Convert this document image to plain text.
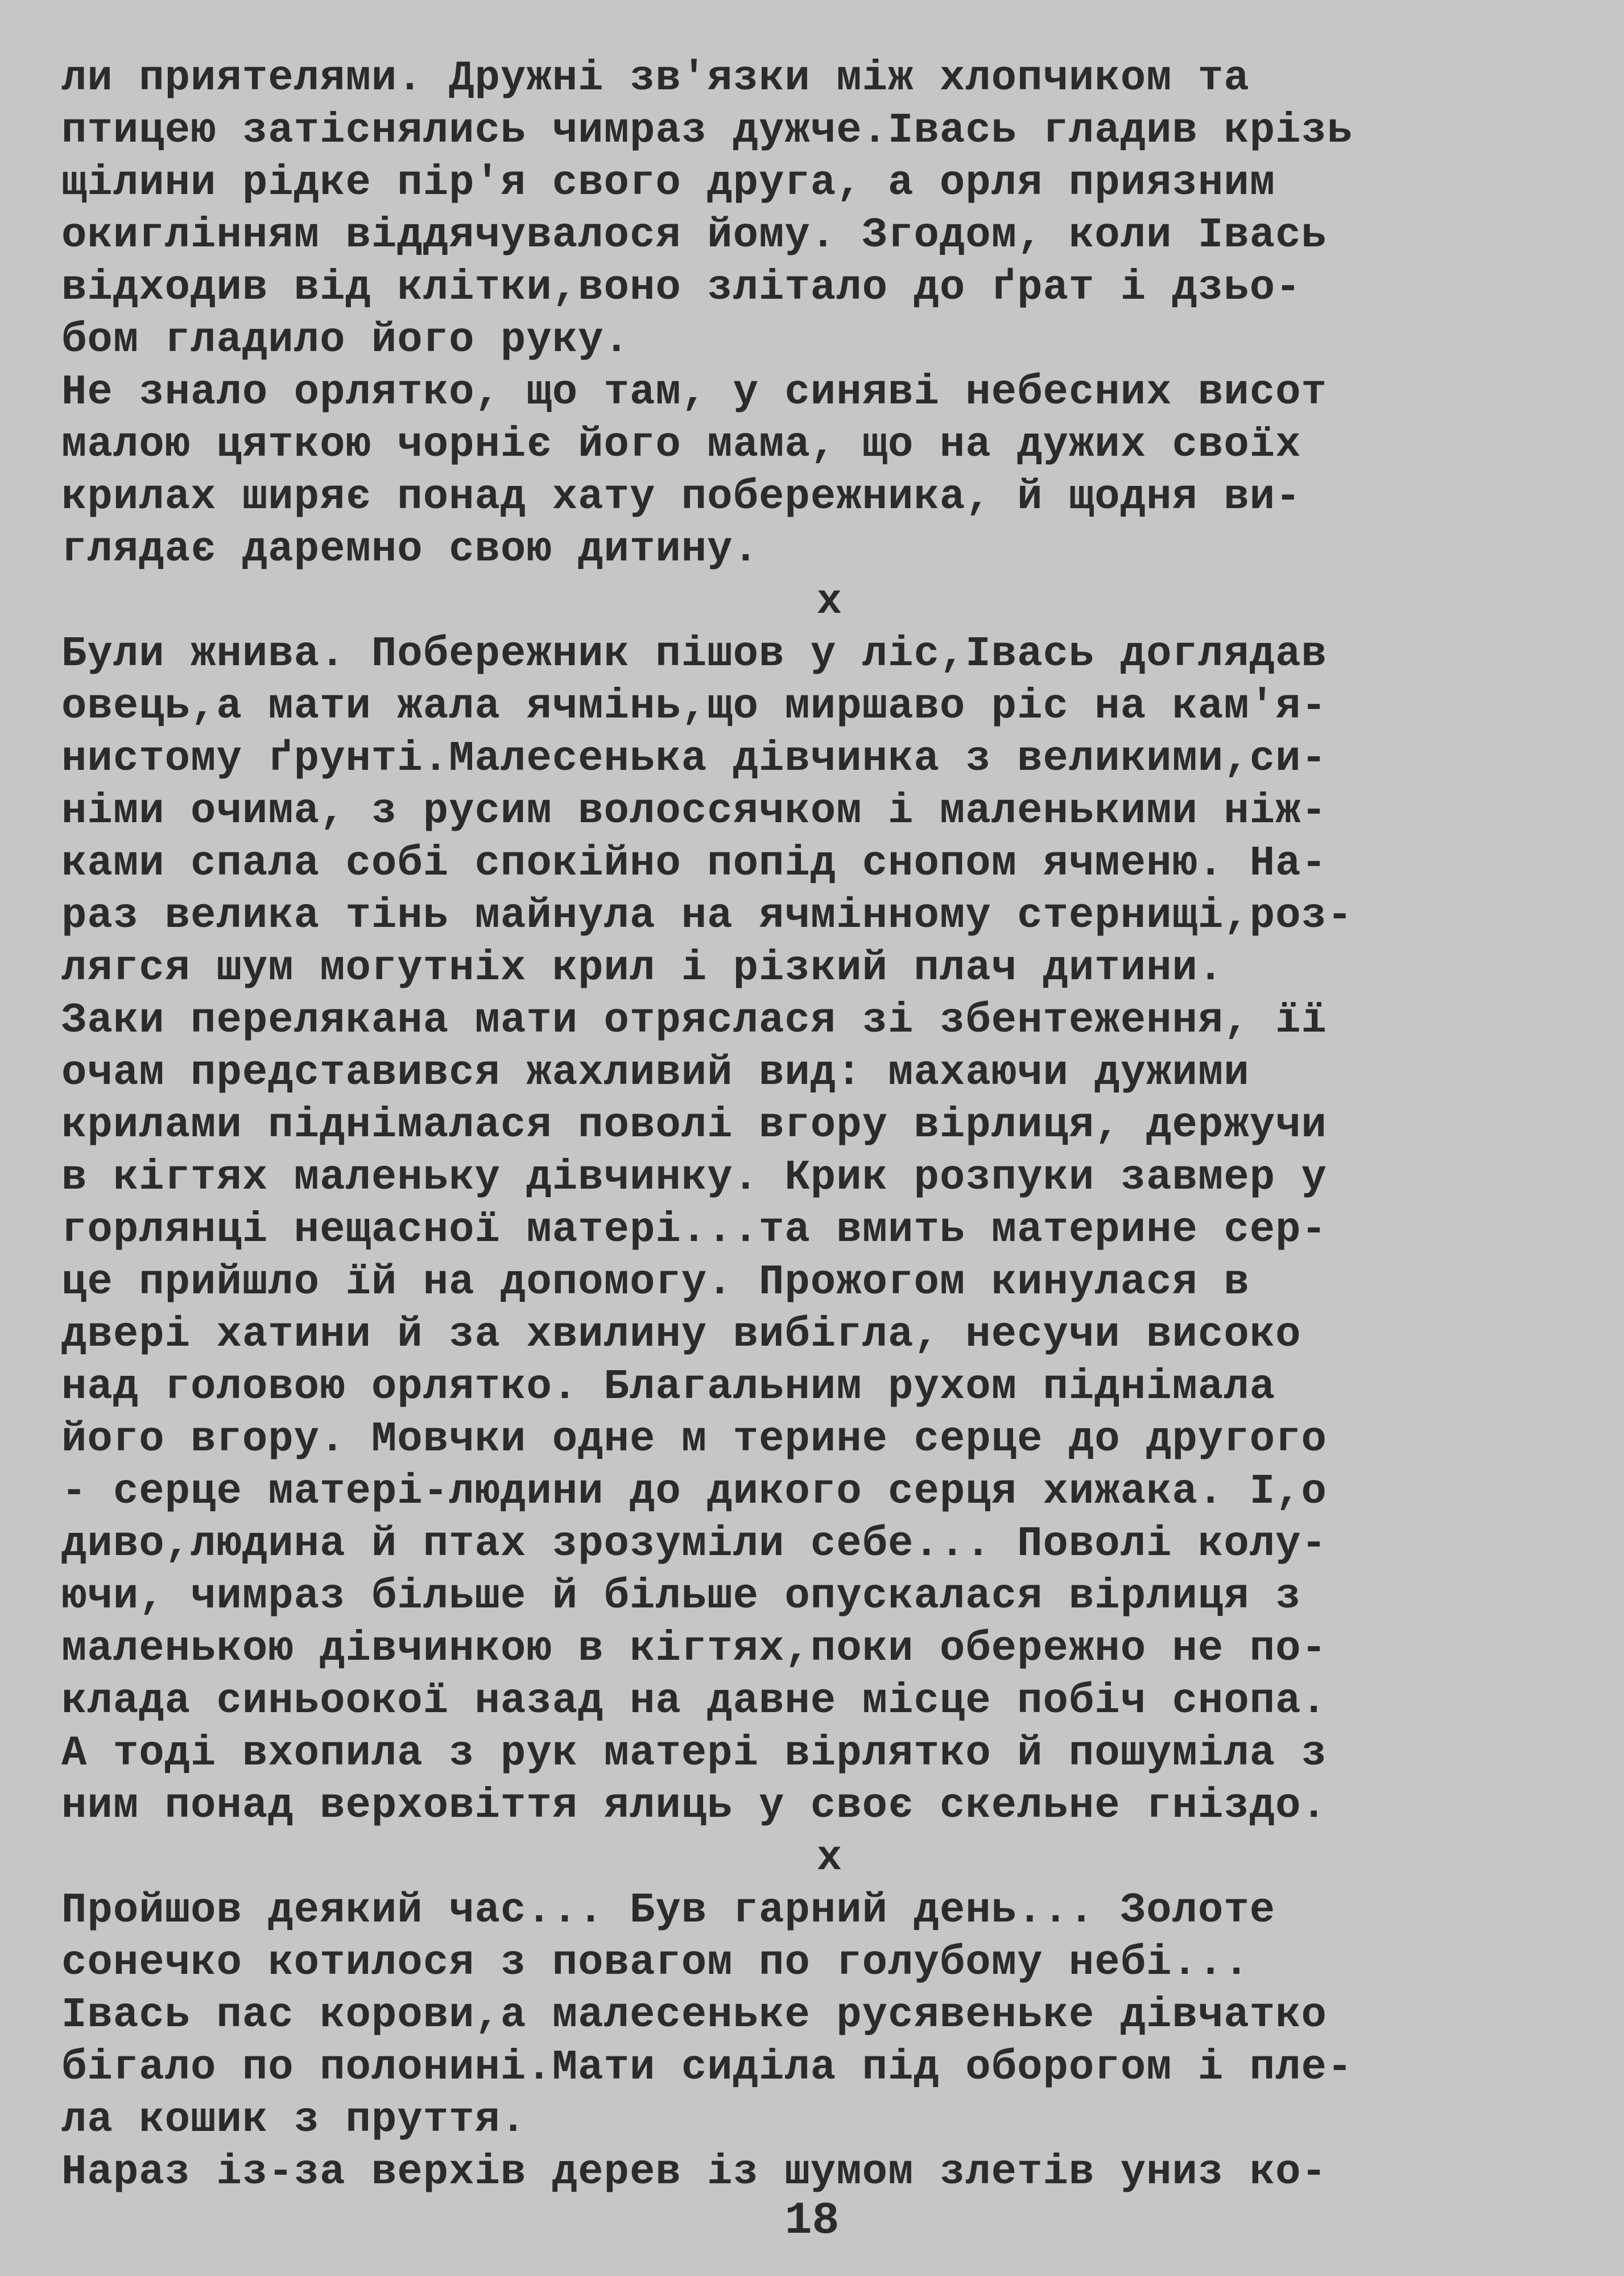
ли приятелями. Дружні зв'язки між хлопчиком та
птицею затіснялись чимраз дужче.Івась гладив крізь
щілини рідке пір'я свого друга, а орля приязним
окиглінням віддячувалося йому. Згодом, коли Івась
відходив від клітки,воно злітало до ґрат і дзьо-
бом гладило його руку.
Не знало орлятко, що там, у синяві небесних висот
малою цяткою чорніє його мама, що на дужих своїх
крилах ширяє понад хату побережника, й щодня ви-
глядає даремно свою дитину.
x
Були жнива. Побережник пішов у ліс,Івась доглядав
овець,а мати жала ячмінь,що миршаво ріс на кам'я-
нистому ґрунті.Малесенька дівчинка з великими,си-
німи очима, з русим волоссячком і маленькими ніж-
ками спала собі спокійно попід снопом ячменю. На-
раз велика тінь майнула на ячмінному стернищі,роз-
лягся шум могутніх крил і різкий плач дитини.
Заки переляканa мати отряслася зі збентеження, її
очам представився жахливий вид: махаючи дужими
крилами піднімалася поволі вгору вірлиця, держучи
в кігтях маленьку дівчинку. Крик розпуки завмер у
горлянці нещасної матері...та вмить материне сер-
це прийшло їй на допомогу. Прожогом кинулася в
двері хатини й за хвилину вибігла, несучи високо
над головою орлятко. Благальним рухом піднімала
його вгору. Мовчки одне м терине серце до другого
- серце матері-людини до дикого серця хижака. І,о
диво,людина й птах зрозуміли себе... Поволі колу-
ючи, чимраз більше й більше опускалася вірлиця з
маленькою дівчинкою в кігтях,поки обережно не по-
клада синьоокої назад на давне місце побіч снопа.
А тоді вхопила з рук матері вірлятко й пошуміла з
ним понад верховіття ялиць у своє скельне гніздо.
x
Пройшов деякий час... Був гарний день... Золоте
сонечко котилося з повагом по голубому небі...
Івась пас корови,а малесеньке русявеньке дівчатко
бігало по полонині.Мати сиділа під оборогом і пле-
ла кошик з пруття.
Нараз із-за верхів дерев із шумом злетів униз ко-
18
